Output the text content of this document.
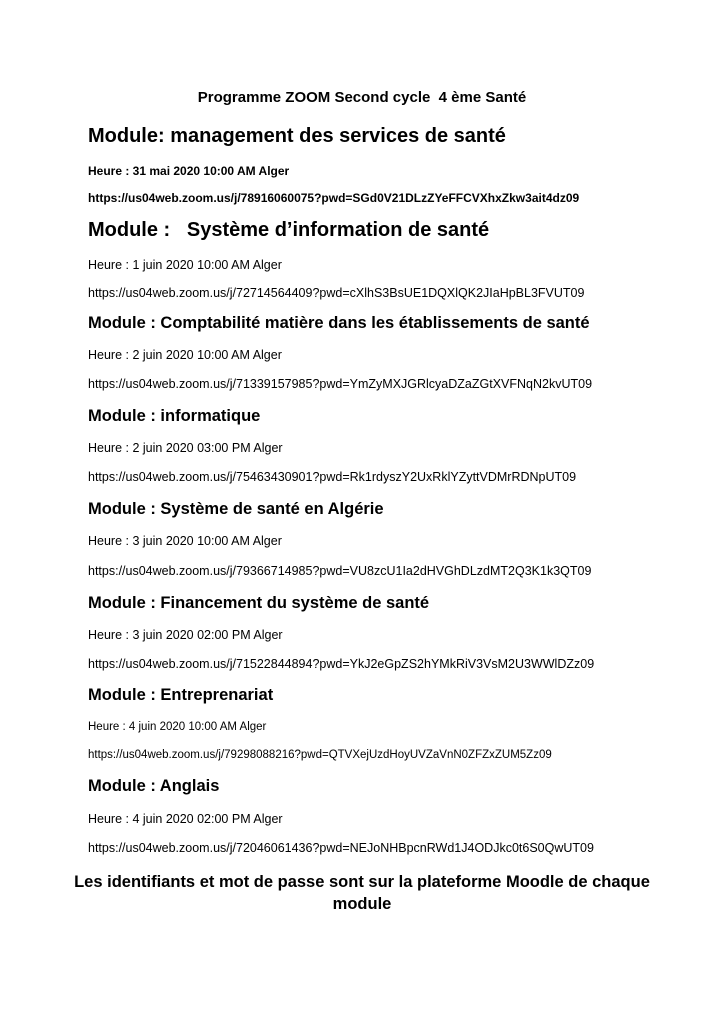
Programme ZOOM Second cycle  4 ème Santé
Module: management des services de santé
Heure : 31 mai 2020 10:00 AM Alger
https://us04web.zoom.us/j/78916060075?pwd=SGd0V21DLzZYeFFCVXhxZkw3ait4dz09
Module :   Système d’information de santé
Heure : 1 juin 2020 10:00 AM Alger
https://us04web.zoom.us/j/72714564409?pwd=cXlhS3BsUE1DQXlQK2JIaHpBL3FVUT09
Module : Comptabilité matière dans les établissements de santé
Heure : 2 juin 2020 10:00 AM Alger
https://us04web.zoom.us/j/71339157985?pwd=YmZyMXJGRlcyaDZaZGtXVFNqN2kvUT09
Module : informatique
Heure : 2 juin 2020 03:00 PM Alger
https://us04web.zoom.us/j/75463430901?pwd=Rk1rdyszY2UxRklYZyttVDMrRDNpUT09
Module : Système de santé en Algérie
Heure : 3 juin 2020 10:00 AM Alger
https://us04web.zoom.us/j/79366714985?pwd=VU8zcU1Ia2dHVGhDLzdMT2Q3K1k3QT09
Module : Financement du système de santé
Heure : 3 juin 2020 02:00 PM Alger
https://us04web.zoom.us/j/71522844894?pwd=YkJ2eGpZS2hYMkRiV3VsM2U3WWlDZz09
Module : Entreprenariat
Heure : 4 juin 2020 10:00 AM Alger
https://us04web.zoom.us/j/79298088216?pwd=QTVXejUzdHoyUVZaVnN0ZFZxZUM5Zz09
Module : Anglais
Heure : 4 juin 2020 02:00 PM Alger
https://us04web.zoom.us/j/72046061436?pwd=NEJoNHBpcnRWd1J4ODJkc0t6S0QwUT09
Les identifiants et mot de passe sont sur la plateforme Moodle de chaque module
